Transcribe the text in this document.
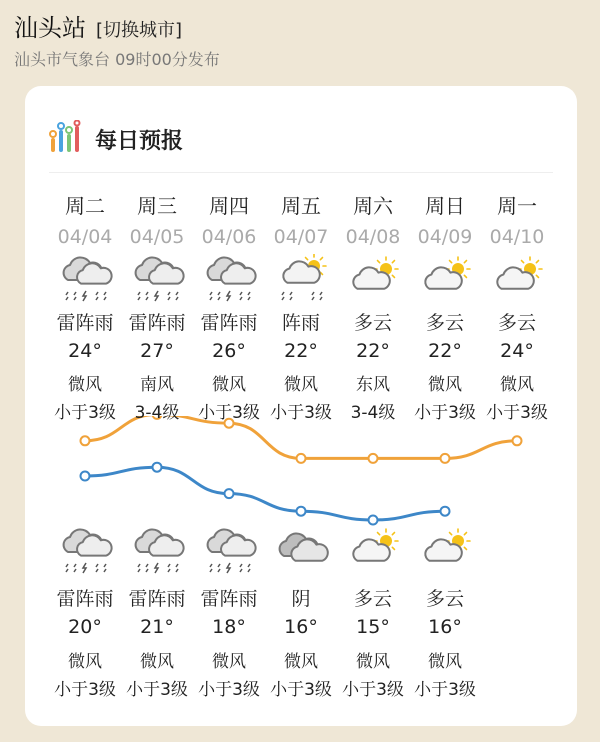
汕头站 [切换城市]
汕头市气象台 09时00分发布
每日预报
周二
04/04
雷阵雨
24°
微风
小于3级
雷阵雨
20°
微风
小于3级
周三
04/05
雷阵雨
27°
南风
3-4级
雷阵雨
21°
微风
小于3级
周四
04/06
雷阵雨
26°
微风
小于3级
雷阵雨
18°
微风
小于3级
周五
04/07
阵雨
22°
微风
小于3级
阴
16°
微风
小于3级
周六
04/08
多云
22°
东风
3-4级
多云
15°
微风
小于3级
周日
04/09
多云
22°
微风
小于3级
多云
16°
微风
小于3级
周一
04/10
多云
24°
微风
小于3级
